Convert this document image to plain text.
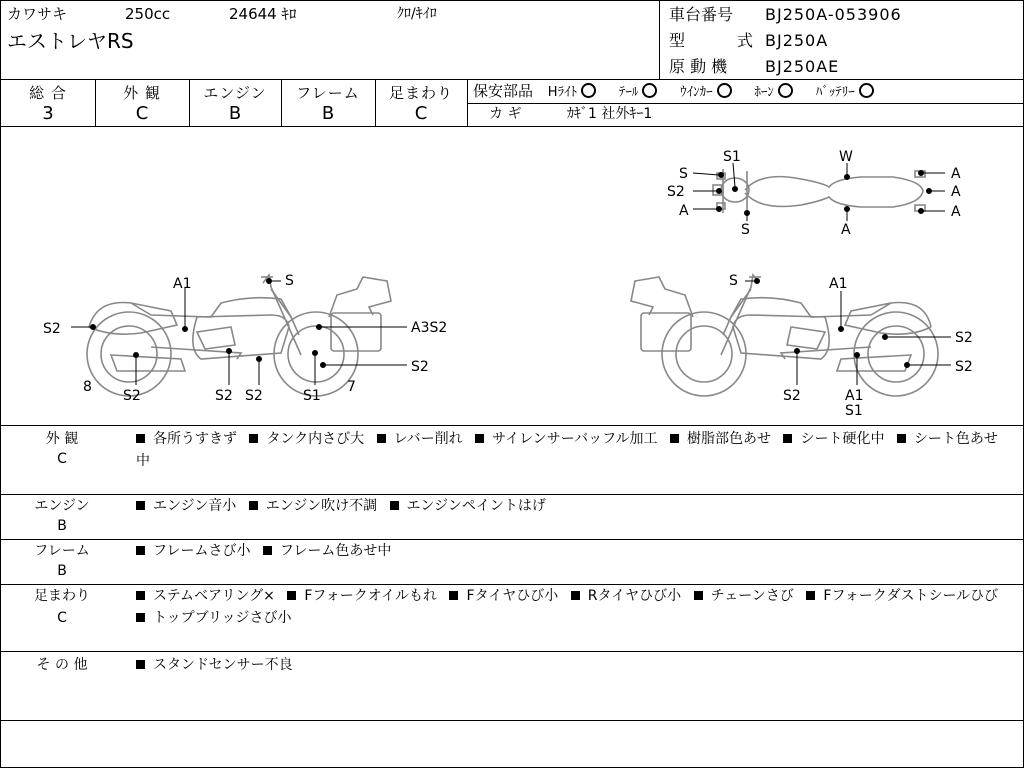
カワサキ	250cc	24644 ｷﾛ	ｸﾛ/ｷｲﾛ
エストレヤRS
車台番号 BJ250A-053906
型	式 BJ250A
原 動 機 BJ250AE
総 合
3
外 観
C
エンジン
B
フレーム
B
足まわり
C
保安部品 Hﾗｲﾄ	ﾃｰﾙ	ｳｲﾝｶｰ	ﾎｰﾝ	ﾊﾞｯﾃﾘｰ
カ ギ	ｶｷﾞ1 社外ｷｰ1
S1	W
S	A
S2	A
A	A
S	A
A1	S
S2	A3S2
S2
8	7
S2	S2 S2	S1
S	A1
S2
S2
S2	A1
S1
外 観
C
各所うすきず タンク内さび大 レバー削れ サイレンサーバッフル加工 樹脂部色あせ シート硬化中 シート色あせ中
エンジン
B
エンジン音小 エンジン吹け不調 エンジンペイントはげ
フレーム
B
フレームさび小 フレーム色あせ中
足まわり
C
ステムベアリング× Fフォークオイルもれ Fタイヤひび小 Rタイヤひび小 チェーンさび Fフォークダストシールひび トップブリッジさび小
そ の 他	スタンドセンサー不良
